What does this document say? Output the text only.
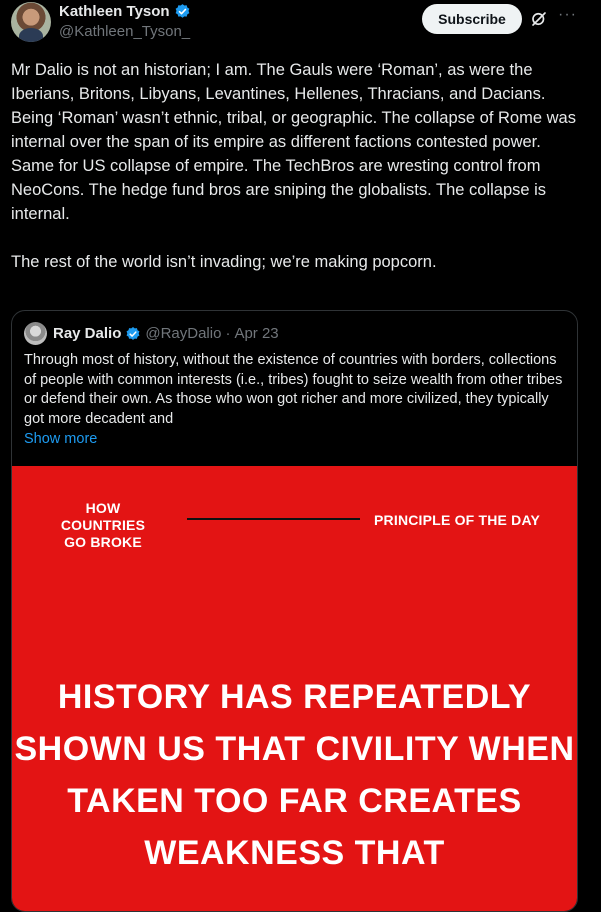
Kathleen Tyson
@Kathleen_Tyson_
Subscribe	···
Mr Dalio is not an historian; I am. The Gauls were ‘Roman’, as were the Iberians, Britons, Libyans, Levantines, Hellenes, Thracians, and Dacians. Being ‘Roman’ wasn’t ethnic, tribal, or geographic. The collapse of Rome was internal over the span of its empire as different factions contested power.
Same for US collapse of empire. The TechBros are wresting control from NeoCons. The hedge fund bros are sniping the globalists. The collapse is internal.

The rest of the world isn’t invading; we’re making popcorn.
Ray Dalio @RayDalio · Apr 23
Through most of history, without the existence of countries with borders, collections of people with common interests (i.e., tribes) fought to seize wealth from other tribes or defend their own. As those who won got richer and more civilized, they typically got more decadent and
Show more
HOW COUNTRIES GO BROKE
PRINCIPLE OF THE DAY
HISTORY HAS REPEATEDLY SHOWN US THAT CIVILITY WHEN TAKEN TOO FAR CREATES WEAKNESS THAT
